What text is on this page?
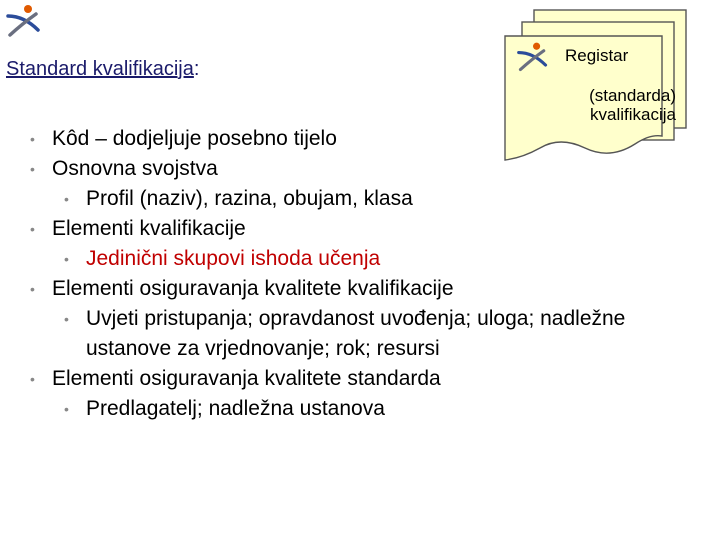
Standard kvalifikacija:
Registar
(standarda)
kvalifikacija
• Kôd – dodjeljuje posebno tijelo
• Osnovna svojstva
• Profil (naziv), razina, obujam, klasa
• Elementi kvalifikacije
• Jedinični skupovi ishoda učenja
• Elementi osiguravanja kvalitete kvalifikacije
• Uvjeti pristupanja; opravdanost uvođenja; uloga; nadležne ustanove za vrjednovanje; rok; resursi
• Elementi osiguravanja kvalitete standarda
• Predlagatelj; nadležna ustanova
